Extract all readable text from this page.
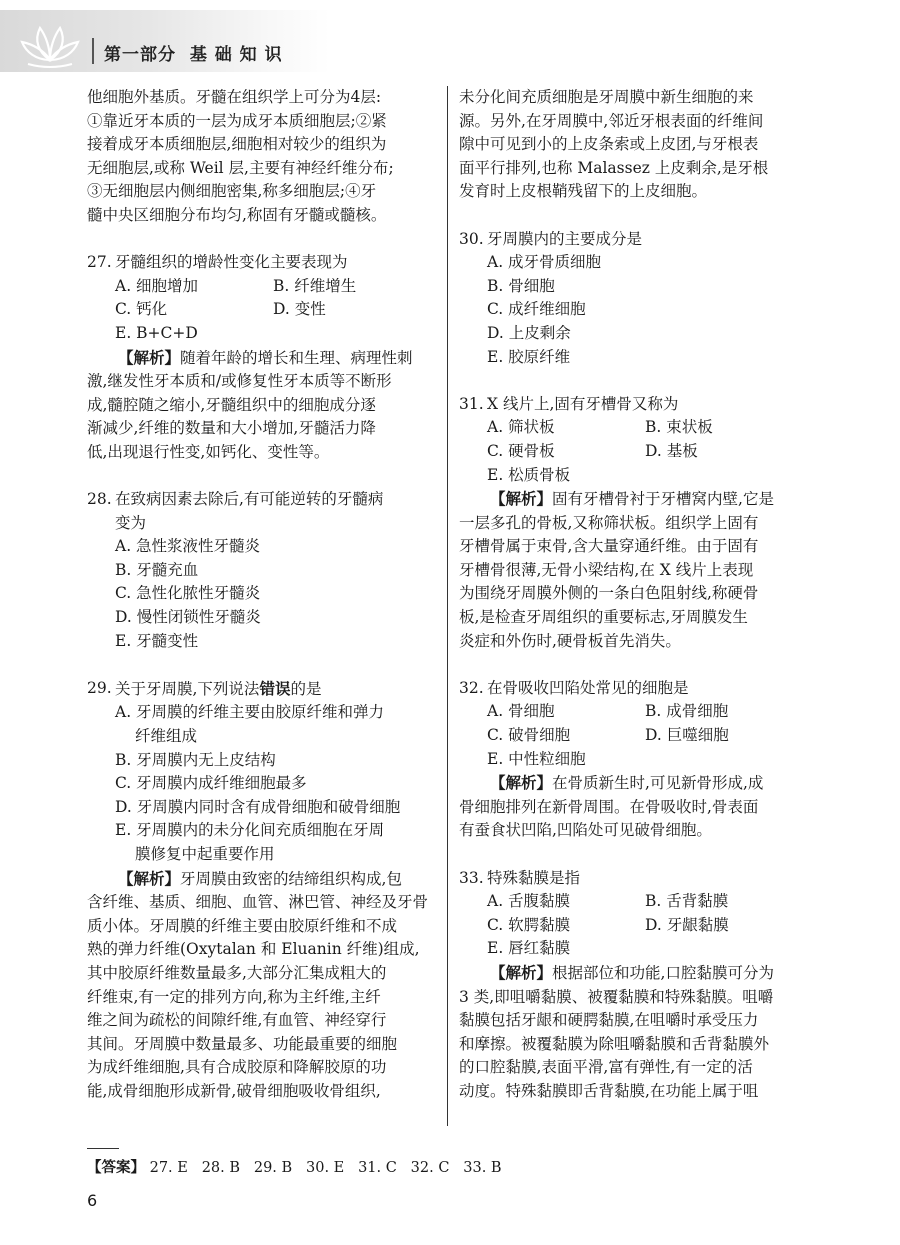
第一部分  基 础 知 识
他细胞外基质。牙髓在组织学上可分为4层:
①靠近牙本质的一层为成牙本质细胞层;②紧
接着成牙本质细胞层,细胞相对较少的组织为
无细胞层,或称 Weil 层,主要有神经纤维分布;
③无细胞层内侧细胞密集,称多细胞层;④牙
髓中央区细胞分布均匀,称固有牙髓或髓核。
27. 牙髓组织的增龄性变化主要表现为
A. 细胞增加	B. 纤维增生
C. 钙化	D. 变性
E. B+C+D
【解析】随着年龄的增长和生理、病理性刺
激,继发性牙本质和/或修复性牙本质等不断形
成,髓腔随之缩小,牙髓组织中的细胞成分逐
渐减少,纤维的数量和大小增加,牙髓活力降
低,出现退行性变,如钙化、变性等。
28. 在致病因素去除后,有可能逆转的牙髓病
变为
A. 急性浆液性牙髓炎
B. 牙髓充血
C. 急性化脓性牙髓炎
D. 慢性闭锁性牙髓炎
E. 牙髓变性
29. 关于牙周膜,下列说法错误的是
A. 牙周膜的纤维主要由胶原纤维和弹力
纤维组成
B. 牙周膜内无上皮结构
C. 牙周膜内成纤维细胞最多
D. 牙周膜内同时含有成骨细胞和破骨细胞
E. 牙周膜内的未分化间充质细胞在牙周
膜修复中起重要作用
【解析】牙周膜由致密的结缔组织构成,包
含纤维、基质、细胞、血管、淋巴管、神经及牙骨
质小体。牙周膜的纤维主要由胶原纤维和不成
熟的弹力纤维(Oxytalan 和 Eluanin 纤维)组成,
其中胶原纤维数量最多,大部分汇集成粗大的
纤维束,有一定的排列方向,称为主纤维,主纤
维之间为疏松的间隙纤维,有血管、神经穿行
其间。牙周膜中数量最多、功能最重要的细胞
为成纤维细胞,具有合成胶原和降解胶原的功
能,成骨细胞形成新骨,破骨细胞吸收骨组织,
未分化间充质细胞是牙周膜中新生细胞的来
源。另外,在牙周膜中,邻近牙根表面的纤维间
隙中可见到小的上皮条索或上皮团,与牙根表
面平行排列,也称 Malassez 上皮剩余,是牙根
发育时上皮根鞘残留下的上皮细胞。
30. 牙周膜内的主要成分是
A. 成牙骨质细胞
B. 骨细胞
C. 成纤维细胞
D. 上皮剩余
E. 胶原纤维
31. X 线片上,固有牙槽骨又称为
A. 筛状板	B. 束状板
C. 硬骨板	D. 基板
E. 松质骨板
【解析】固有牙槽骨衬于牙槽窝内壁,它是
一层多孔的骨板,又称筛状板。组织学上固有
牙槽骨属于束骨,含大量穿通纤维。由于固有
牙槽骨很薄,无骨小梁结构,在 X 线片上表现
为围绕牙周膜外侧的一条白色阻射线,称硬骨
板,是检查牙周组织的重要标志,牙周膜发生
炎症和外伤时,硬骨板首先消失。
32. 在骨吸收凹陷处常见的细胞是
A. 骨细胞	B. 成骨细胞
C. 破骨细胞	D. 巨噬细胞
E. 中性粒细胞
【解析】在骨质新生时,可见新骨形成,成
骨细胞排列在新骨周围。在骨吸收时,骨表面
有蚕食状凹陷,凹陷处可见破骨细胞。
33. 特殊黏膜是指
A. 舌腹黏膜	B. 舌背黏膜
C. 软腭黏膜	D. 牙龈黏膜
E. 唇红黏膜
【解析】根据部位和功能,口腔黏膜可分为
3 类,即咀嚼黏膜、被覆黏膜和特殊黏膜。咀嚼
黏膜包括牙龈和硬腭黏膜,在咀嚼时承受压力
和摩擦。被覆黏膜为除咀嚼黏膜和舌背黏膜外
的口腔黏膜,表面平滑,富有弹性,有一定的活
动度。特殊黏膜即舌背黏膜,在功能上属于咀
【答案】 27. E   28. B   29. B   30. E   31. C   32. C   33. B
6
